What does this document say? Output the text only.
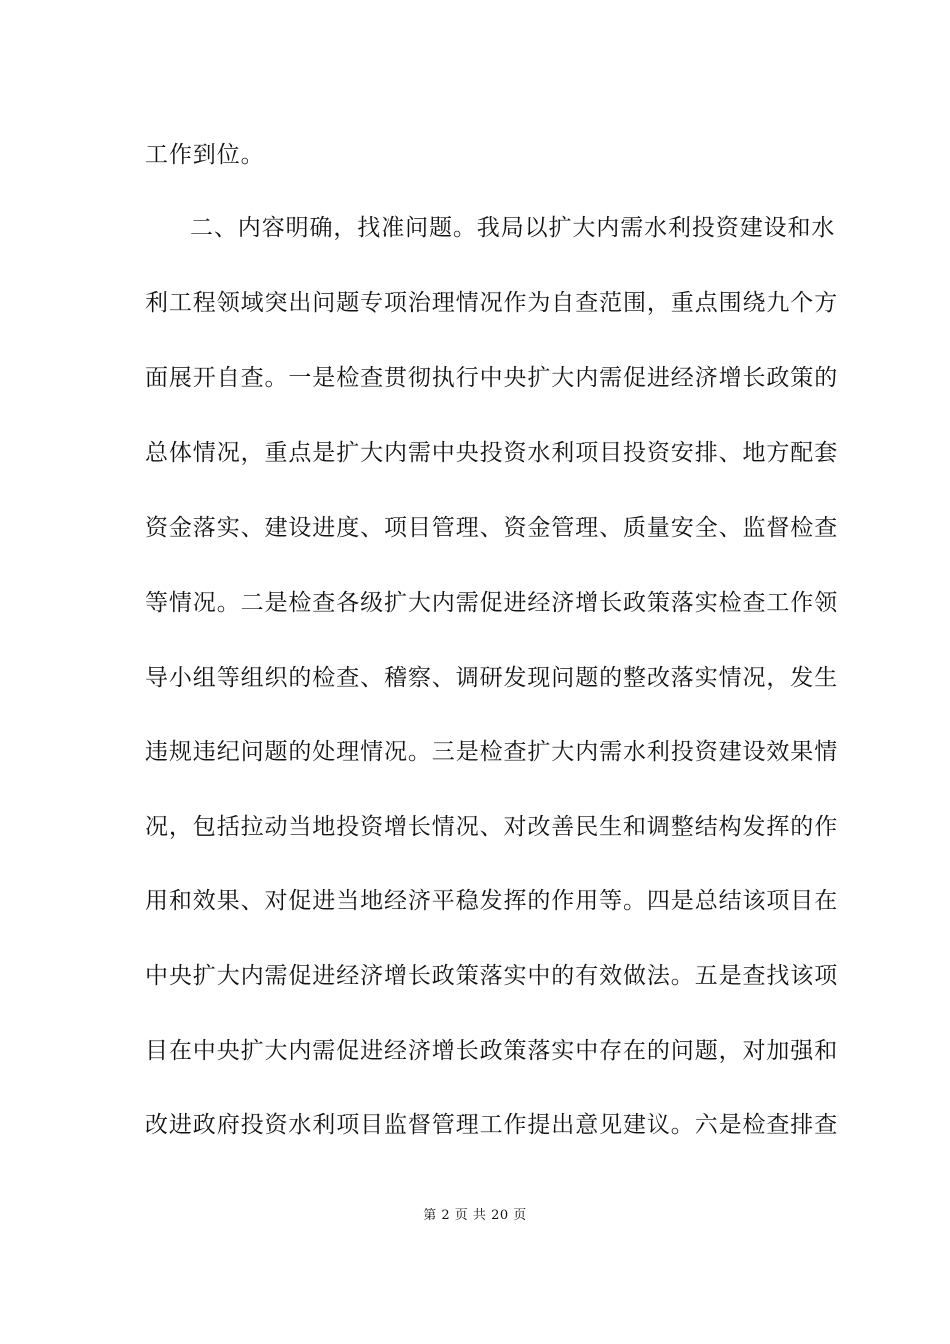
工作到位。
二、内容明确，找准问题。我局以扩大内需水利投资建设和水
利工程领域突出问题专项治理情况作为自查范围，重点围绕九个方
面展开自查。一是检查贯彻执行中央扩大内需促进经济增长政策的
总体情况，重点是扩大内需中央投资水利项目投资安排、地方配套
资金落实、建设进度、项目管理、资金管理、质量安全、监督检查
等情况。二是检查各级扩大内需促进经济增长政策落实检查工作领
导小组等组织的检查、稽察、调研发现问题的整改落实情况，发生
违规违纪问题的处理情况。三是检查扩大内需水利投资建设效果情
况，包括拉动当地投资增长情况、对改善民生和调整结构发挥的作
用和效果、对促进当地经济平稳发挥的作用等。四是总结该项目在
中央扩大内需促进经济增长政策落实中的有效做法。五是查找该项
目在中央扩大内需促进经济增长政策落实中存在的问题，对加强和
改进政府投资水利项目监督管理工作提出意见建议。六是检查排查
第 2 页 共 20 页
